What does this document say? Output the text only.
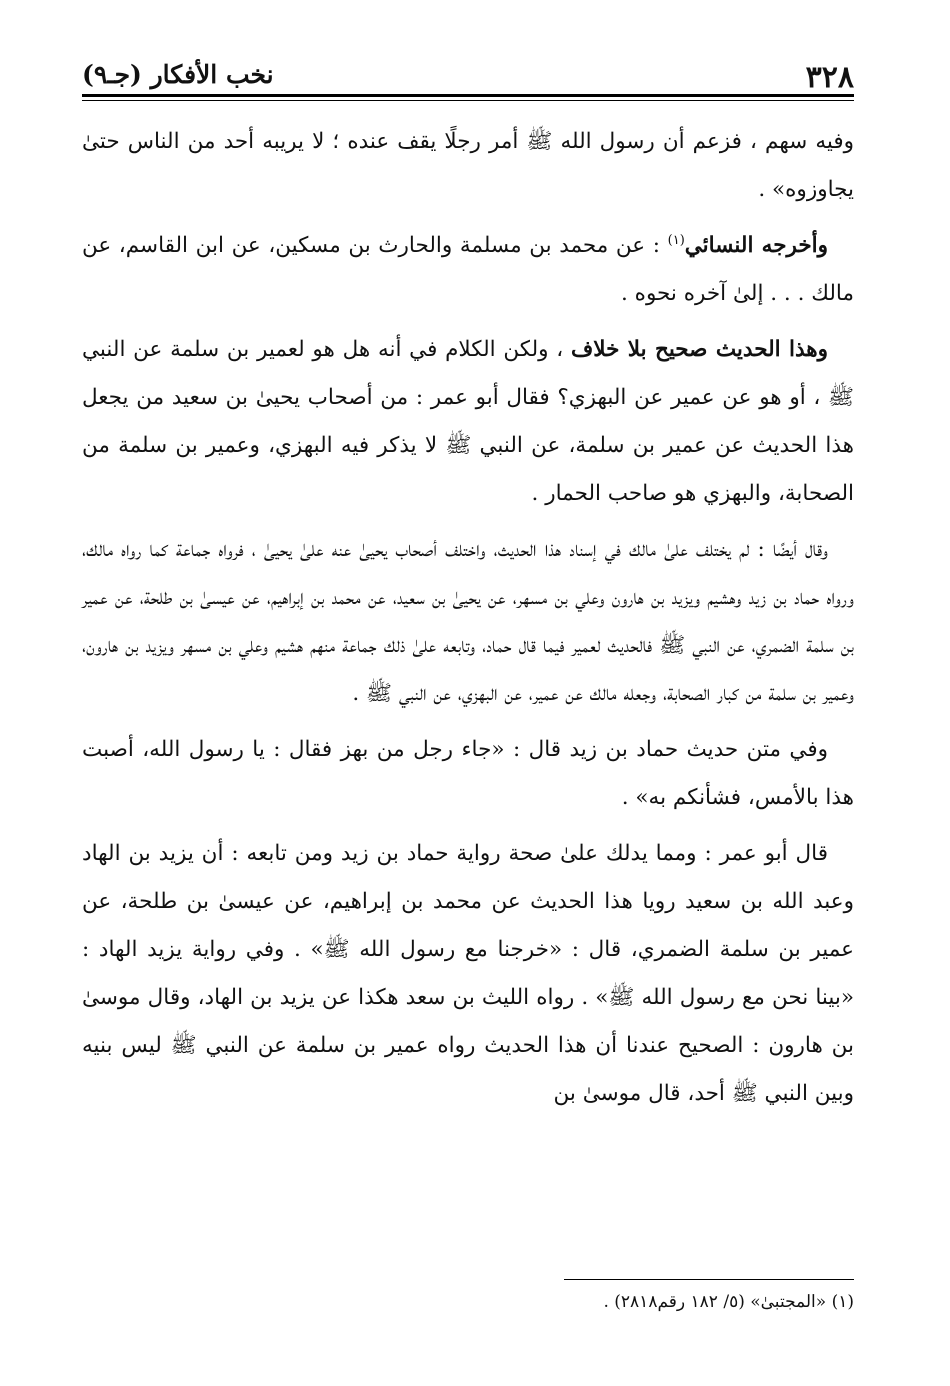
٣٢٨
نخب الأفكار (جـ٩)

وفيه سهم ، فزعم أن رسول الله ﷺ أمر رجلًا يقف عنده ؛ لا يريبه أحد من الناس حتىٰ يجاوزوه» .

وأخرجه النسائي$^{(١)}$ : عن محمد بن مسلمة والحارث بن مسكين، عن ابن القاسم، عن مالك . . . إلىٰ آخره نحوه .

وهذا الحديث صحيح بلا خلاف ، ولكن الكلام في أنه هل هو لعمير بن سلمة عن النبي ﷺ ، أو هو عن عمير عن البهزي؟ فقال أبو عمر : من أصحاب يحيىٰ بن سعيد من يجعل هذا الحديث عن عمير بن سلمة، عن النبي ﷺ لا يذكر فيه البهزي، وعمير بن سلمة من الصحابة، والبهزي هو صاحب الحمار .

وقال أيضًا : لم يختلف علىٰ مالك في إسناد هذا الحديث، واختلف أصحاب يحيىٰ عنه علىٰ يحيىٰ ، فرواه جماعة كما رواه مالك، ورواه حماد بن زيد وهشيم ويزيد بن هارون وعلي بن مسهر، عن يحيىٰ بن سعيد، عن محمد بن إبراهيم، عن عيسىٰ بن طلحة، عن عمير بن سلمة الضمري، عن النبي ﷺ فالحديث لعمير فيما قال حماد، وتابعه علىٰ ذلك جماعة منهم هشيم وعلي بن مسهر ويزيد بن هارون، وعمير بن سلمة من كبار الصحابة، وجعله مالك عن عمير، عن البهزي، عن النبي ﷺ .

وفي متن حديث حماد بن زيد قال : «جاء رجل من بهز فقال : يا رسول الله، أصبت هذا بالأمس، فشأنكم به» .

قال أبو عمر : ومما يدلك علىٰ صحة رواية حماد بن زيد ومن تابعه : أن يزيد بن الهاد وعبد الله بن سعيد رويا هذا الحديث عن محمد بن إبراهيم، عن عيسىٰ بن طلحة، عن عمير بن سلمة الضمري، قال : «خرجنا مع رسول الله ﷺ» . وفي رواية يزيد الهاد : «بينا نحن مع رسول الله ﷺ» . رواه الليث بن سعد هكذا عن يزيد بن الهاد، وقال موسىٰ بن هارون : الصحيح عندنا أن هذا الحديث رواه عمير بن سلمة عن النبي ﷺ ليس بنيه وبين النبي ﷺ أحد، قال موسىٰ بن

(١) «المجتبىٰ» (٥/ ١٨٢ رقم٢٨١٨) .
